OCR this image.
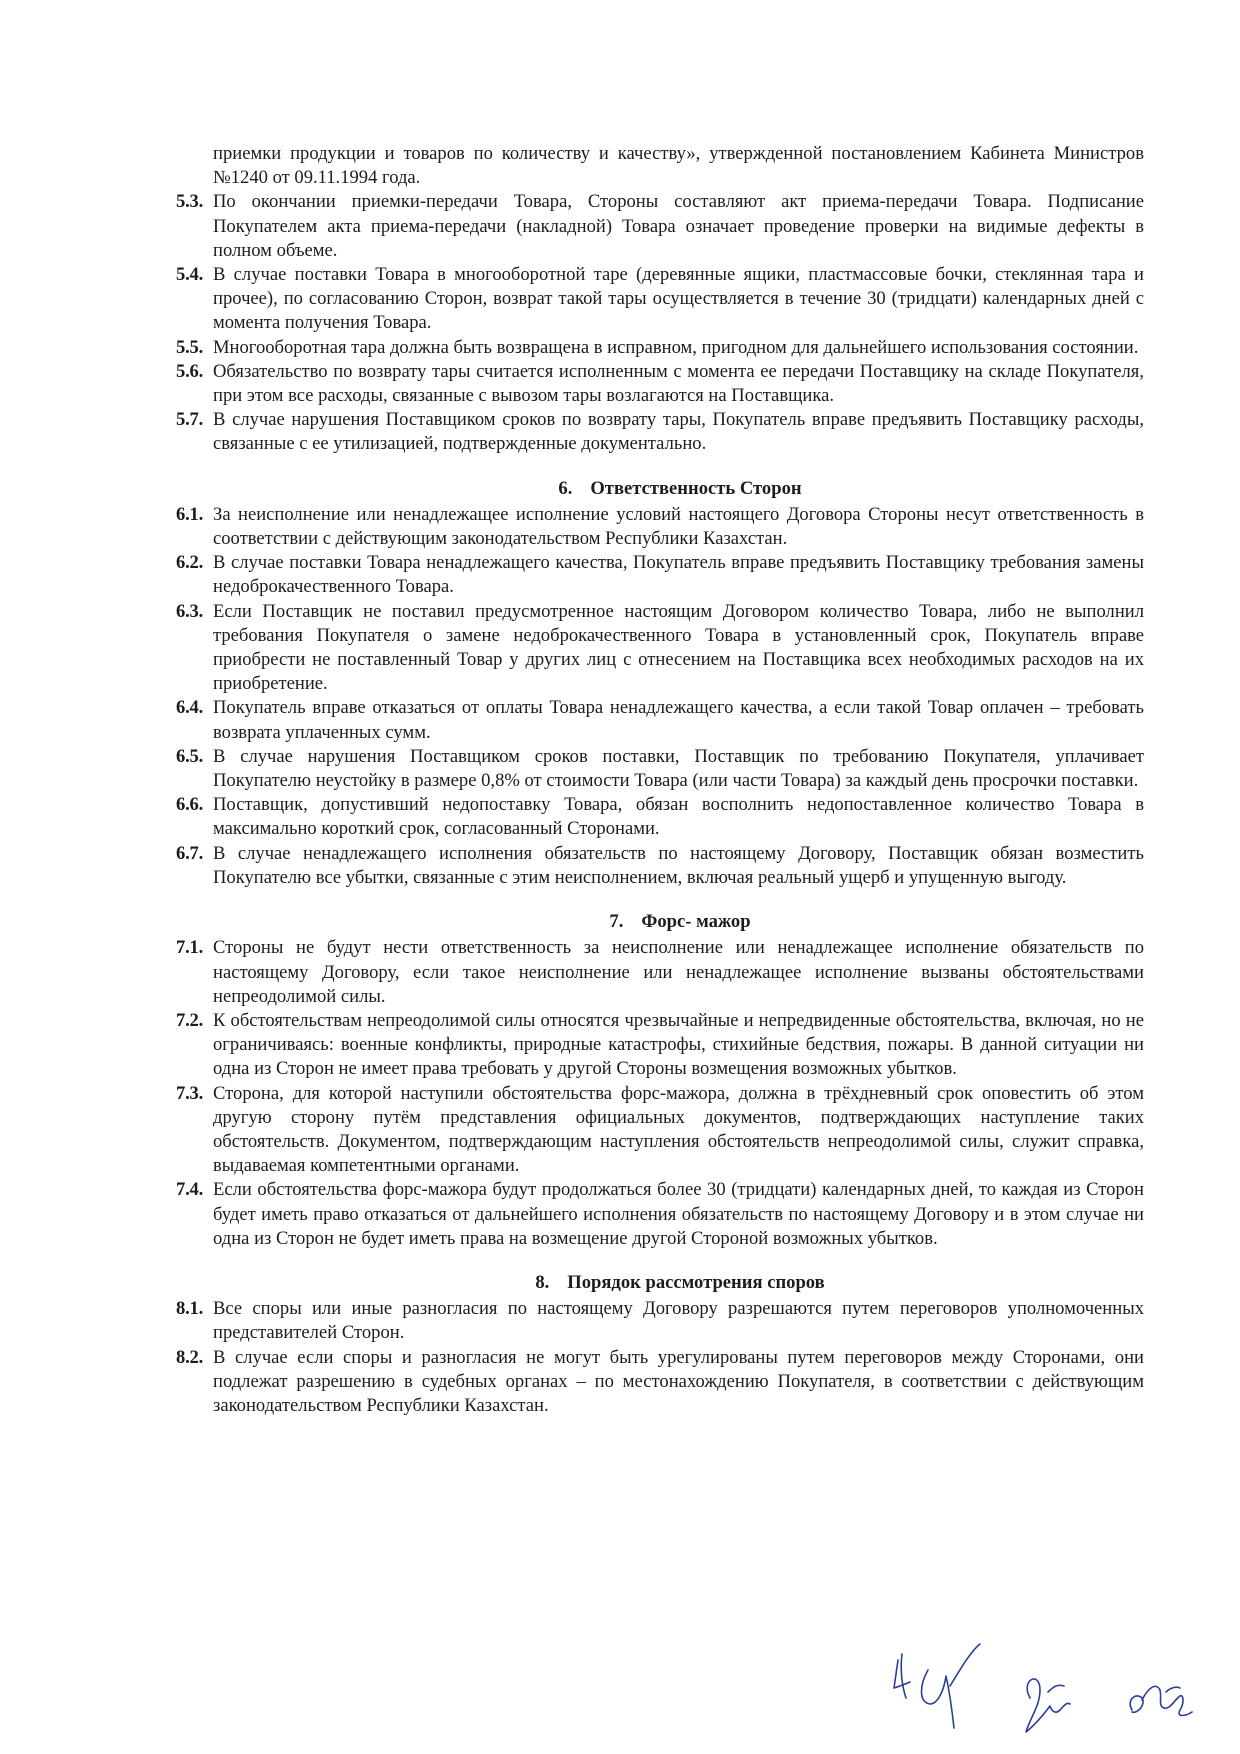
приемки продукции и товаров по количеству и качеству», утвержденной постановлением Кабинета Министров №1240 от 09.11.1994 года.
5.3. По окончании приемки-передачи Товара, Стороны составляют акт приема-передачи Товара. Подписание Покупателем акта приема-передачи (накладной) Товара означает проведение проверки на видимые дефекты в полном объеме.
5.4. В случае поставки Товара в многооборотной таре (деревянные ящики, пластмассовые бочки, стеклянная тара и прочее), по согласованию Сторон, возврат такой тары осуществляется в течение 30 (тридцати) календарных дней с момента получения Товара.
5.5. Многооборотная тара должна быть возвращена в исправном, пригодном для дальнейшего использования состоянии.
5.6. Обязательство по возврату тары считается исполненным с момента ее передачи Поставщику на складе Покупателя, при этом все расходы, связанные с вывозом тары возлагаются на Поставщика.
5.7. В случае нарушения Поставщиком сроков по возврату тары, Покупатель вправе предъявить Поставщику расходы, связанные с ее утилизацией, подтвержденные документально.
6. Ответственность Сторон
6.1. За неисполнение или ненадлежащее исполнение условий настоящего Договора Стороны несут ответственность в соответствии с действующим законодательством Республики Казахстан.
6.2. В случае поставки Товара ненадлежащего качества, Покупатель вправе предъявить Поставщику требования замены недоброкачественного Товара.
6.3. Если Поставщик не поставил предусмотренное настоящим Договором количество Товара, либо не выполнил требования Покупателя о замене недоброкачественного Товара в установленный срок, Покупатель вправе приобрести не поставленный Товар у других лиц с отнесением на Поставщика всех необходимых расходов на их приобретение.
6.4. Покупатель вправе отказаться от оплаты Товара ненадлежащего качества, а если такой Товар оплачен – требовать возврата уплаченных сумм.
6.5. В случае нарушения Поставщиком сроков поставки, Поставщик по требованию Покупателя, уплачивает Покупателю неустойку в размере 0,8% от стоимости Товара (или части Товара) за каждый день просрочки поставки.
6.6. Поставщик, допустивший недопоставку Товара, обязан восполнить недопоставленное количество Товара в максимально короткий срок, согласованный Сторонами.
6.7. В случае ненадлежащего исполнения обязательств по настоящему Договору, Поставщик обязан возместить Покупателю все убытки, связанные с этим неисполнением, включая реальный ущерб и упущенную выгоду.
7. Форс- мажор
7.1. Стороны не будут нести ответственность за неисполнение или ненадлежащее исполнение обязательств по настоящему Договору, если такое неисполнение или ненадлежащее исполнение вызваны обстоятельствами непреодолимой силы.
7.2. К обстоятельствам непреодолимой силы относятся чрезвычайные и непредвиденные обстоятельства, включая, но не ограничиваясь: военные конфликты, природные катастрофы, стихийные бедствия, пожары. В данной ситуации ни одна из Сторон не имеет права требовать у другой Стороны возмещения возможных убытков.
7.3. Сторона, для которой наступили обстоятельства форс-мажора, должна в трёхдневный срок оповестить об этом другую сторону путём представления официальных документов, подтверждающих наступление таких обстоятельств. Документом, подтверждающим наступления обстоятельств непреодолимой силы, служит справка, выдаваемая компетентными органами.
7.4. Если обстоятельства форс-мажора будут продолжаться более 30 (тридцати) календарных дней, то каждая из Сторон будет иметь право отказаться от дальнейшего исполнения обязательств по настоящему Договору и в этом случае ни одна из Сторон не будет иметь права на возмещение другой Стороной возможных убытков.
8. Порядок рассмотрения споров
8.1. Все споры или иные разногласия по настоящему Договору разрешаются путем переговоров уполномоченных представителей Сторон.
8.2. В случае если споры и разногласия не могут быть урегулированы путем переговоров между Сторонами, они подлежат разрешению в судебных органах – по местонахождению Покупателя, в соответствии с действующим законодательством Республики Казахстан.
